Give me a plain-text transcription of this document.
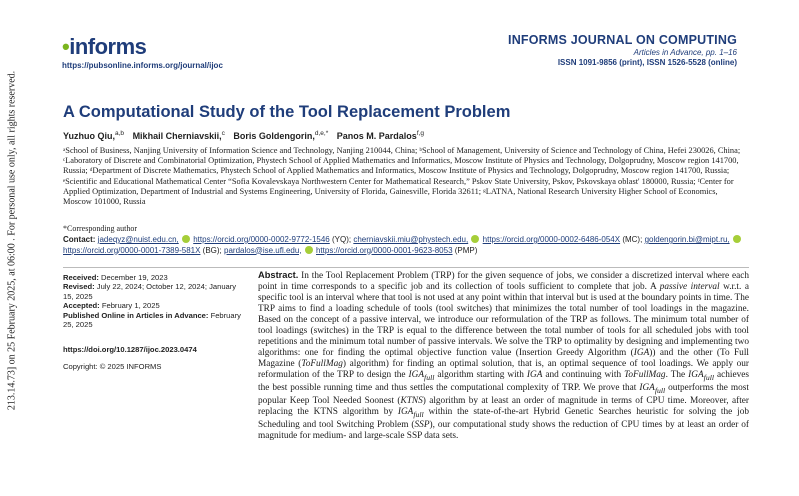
213.14.73] on 25 February 2025, at 06:00 . For personal use only, all rights reserved.
• informs
https://pubsonline.informs.org/journal/ijoc
INFORMS JOURNAL ON COMPUTING
Articles in Advance, pp. 1–16
ISSN 1091-9856 (print), ISSN 1526-5528 (online)
A Computational Study of the Tool Replacement Problem
Yuzhuo Qiu,$^{a,b}$ Mikhail Cherniavskii,$^c$ Boris Goldengorin,$^{d,e,*}$ Panos M. Pardalos$^{f,g}$
ᵃSchool of Business, Nanjing University of Information Science and Technology, Nanjing 210044, China; ᵇSchool of Management, University of Science and Technology of China, Hefei 230026, China; ᶜLaboratory of Discrete and Combinatorial Optimization, Phystech School of Applied Mathematics and Informatics, Moscow Institute of Physics and Technology, Dolgoprudny, Moscow region 141700, Russia; ᵈDepartment of Discrete Mathematics, Phystech School of Applied Mathematics and Informatics, Moscow Institute of Physics and Technology, Dolgoprudny, Moscow region 141700, Russia; ᵉScientific and Educational Mathematical Center “Sofia Kovalevskaya Northwestern Center for Mathematical Research,” Pskov State University, Pskov, Pskovskaya oblast' 180000, Russia; ᶠCenter for Applied Optimization, Department of Industrial and Systems Engineering, University of Florida, Gainesville, Florida 32611; ᵍLATNA, National Research University Higher School of Economics, Moscow 101000, Russia
*Corresponding author
Contact: jadeqyz@nuist.edu.cn, https://orcid.org/0000-0002-9772-1546 (YQ); cherniavskii.miu@phystech.edu, https://orcid.org/0000-0002-6486-054X (MC); goldengorin.bi@mipt.ru,  https://orcid.org/0000-0001-7389-581X (BG); pardalos@ise.ufl.edu, https://orcid.org/0000-0001-9623-8053 (PMP)
Received: December 19, 2023
Revised: July 22, 2024; October 12, 2024; January 15, 2025
Accepted: February 1, 2025
Published Online in Articles in Advance: February 25, 2025
https://doi.org/10.1287/ijoc.2023.0474
Copyright: © 2025 INFORMS
Abstract. In the Tool Replacement Problem (TRP) for the given sequence of jobs, we consider a discretized interval where each point in time corresponds to a specific job and its collection of tools sufficient to complete that job. A passive interval w.r.t. a specific tool is an interval where that tool is not used at any point within that interval but is used at the boundary points in time. The TRP aims to find a loading schedule of tools (tool switches) that minimizes the total number of tool loadings in the magazine. Based on the concept of a passive interval, we introduce our reformulation of the TRP as follows. The minimum total number of tool loadings (switches) in the TRP is equal to the difference between the total number of tools for all scheduled jobs with tool repetitions and the minimum total number of passive intervals. We solve the TRP to optimality by designing and implementing two algorithms: one for finding the optimal objective function value (Insertion Greedy Algorithm (IGA)) and the other (To Full Magazine (ToFullMag) algorithm) for finding an optimal solution, that is, an optimal sequence of tool loadings. We apply our reformulation of the TRP to design the $IGA_{full}$ algorithm starting with IGA and continuing with ToFullMag. The $IGA_{full}$ achieves the best possible running time and thus settles the computational complexity of TRP. We prove that $IGA_{full}$ outperforms the most popular Keep Tool Needed Soonest (KTNS) algorithm by at least an order of magnitude in terms of CPU time. Moreover, after replacing the KTNS algorithm by $IGA_{full}$ within the state-of-the-art Hybrid Genetic Searches heuristic for solving the job Scheduling and tool Switching Problem (SSP), our computational study shows the reduction of CPU times by at least an order of magnitude for medium- and large-scale SSP data sets.
